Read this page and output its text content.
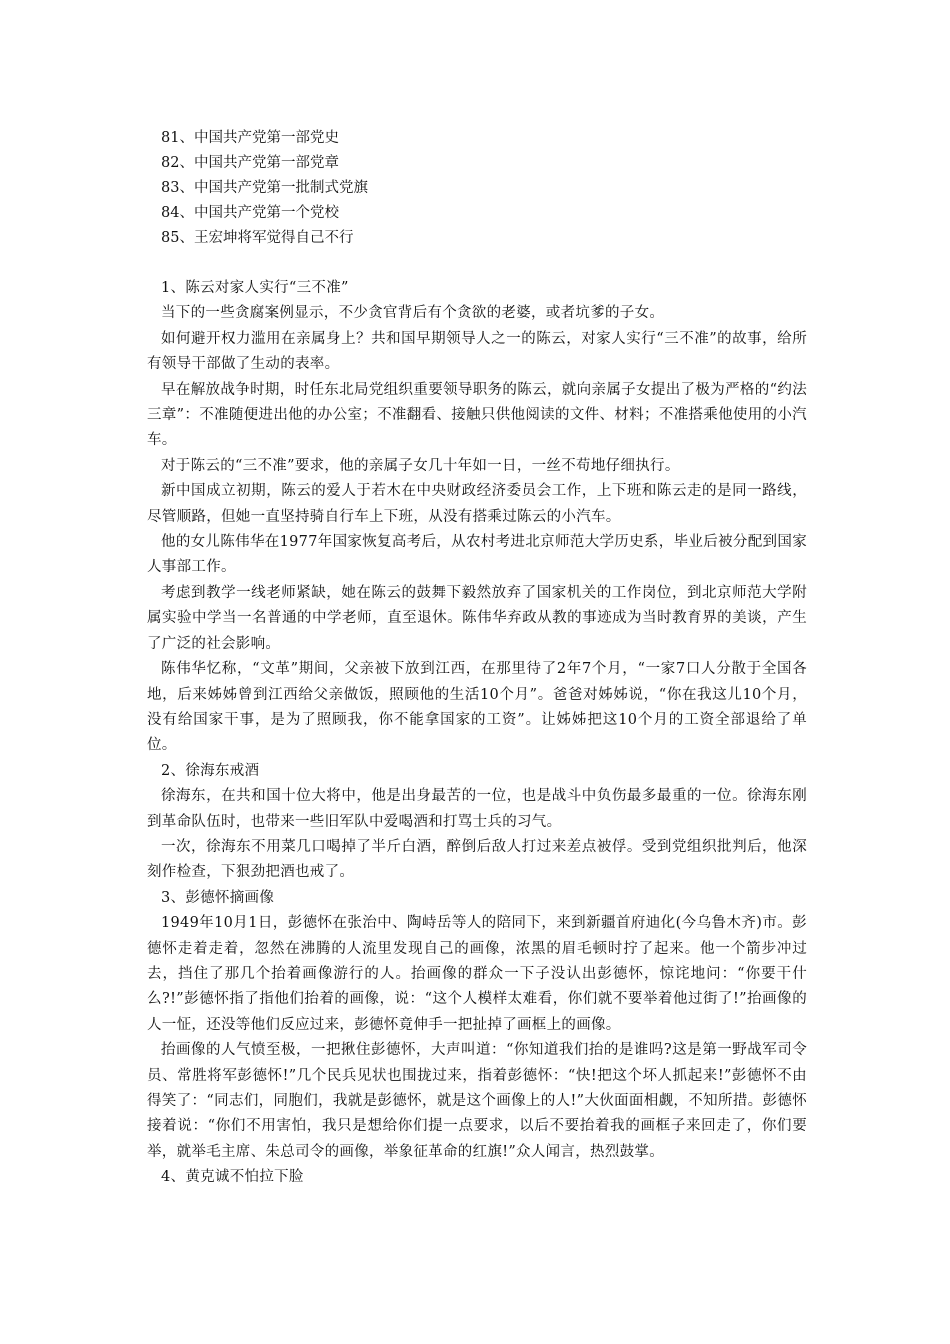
81、中国共产党第一部党史
82、中国共产党第一部党章
83、中国共产党第一批制式党旗
84、中国共产党第一个党校
85、王宏坤将军觉得自己不行

1、陈云对家人实行“三不准”

当下的一些贪腐案例显示，不少贪官背后有个贪欲的老婆，或者坑爹的子女。

如何避开权力滥用在亲属身上？共和国早期领导人之一的陈云，对家人实行“三不准”的故事，给所有领导干部做了生动的表率。

早在解放战争时期，时任东北局党组织重要领导职务的陈云，就向亲属子女提出了极为严格的“约法三章”：不准随便进出他的办公室；不准翻看、接触只供他阅读的文件、材料；不准搭乘他使用的小汽车。

对于陈云的“三不准”要求，他的亲属子女几十年如一日，一丝不苟地仔细执行。

新中国成立初期，陈云的爱人于若木在中央财政经济委员会工作，上下班和陈云走的是同一路线，尽管顺路，但她一直坚持骑自行车上下班，从没有搭乘过陈云的小汽车。

他的女儿陈伟华在1977年国家恢复高考后，从农村考进北京师范大学历史系，毕业后被分配到国家人事部工作。

考虑到教学一线老师紧缺，她在陈云的鼓舞下毅然放弃了国家机关的工作岗位，到北京师范大学附属实验中学当一名普通的中学老师，直至退休。陈伟华弃政从教的事迹成为当时教育界的美谈，产生了广泛的社会影响。

陈伟华忆称，“文革”期间，父亲被下放到江西，在那里待了2年7个月，“一家7口人分散于全国各地，后来姊姊曾到江西给父亲做饭，照顾他的生活10个月”。爸爸对姊姊说，“你在我这儿10个月，没有给国家干事，是为了照顾我，你不能拿国家的工资”。让姊姊把这10个月的工资全部退给了单位。

2、徐海东戒酒

徐海东，在共和国十位大将中，他是出身最苦的一位，也是战斗中负伤最多最重的一位。徐海东刚到革命队伍时，也带来一些旧军队中爱喝酒和打骂士兵的习气。

一次，徐海东不用菜几口喝掉了半斤白酒，醉倒后敌人打过来差点被俘。受到党组织批判后，他深刻作检查，下狠劲把酒也戒了。

3、彭德怀摘画像

1949年10月1日，彭德怀在张治中、陶峙岳等人的陪同下，来到新疆首府迪化(今乌鲁木齐)市。彭德怀走着走着，忽然在沸腾的人流里发现自己的画像，浓黑的眉毛顿时拧了起来。他一个箭步冲过去，挡住了那几个抬着画像游行的人。抬画像的群众一下子没认出彭德怀，惊诧地问：“你要干什么?!”彭德怀指了指他们抬着的画像，说：“这个人模样太难看，你们就不要举着他过街了!”抬画像的人一怔，还没等他们反应过来，彭德怀竟伸手一把扯掉了画框上的画像。

抬画像的人气愤至极，一把揪住彭德怀，大声叫道：“你知道我们抬的是谁吗?这是第一野战军司令员、常胜将军彭德怀!”几个民兵见状也围拢过来，指着彭德怀：“快!把这个坏人抓起来!”彭德怀不由得笑了：“同志们，同胞们，我就是彭德怀，就是这个画像上的人!”大伙面面相觑，不知所措。彭德怀接着说：“你们不用害怕，我只是想给你们提一点要求，以后不要抬着我的画框子来回走了，你们要举，就举毛主席、朱总司令的画像，举象征革命的红旗!”众人闻言，热烈鼓掌。

4、黄克诚不怕拉下脸
